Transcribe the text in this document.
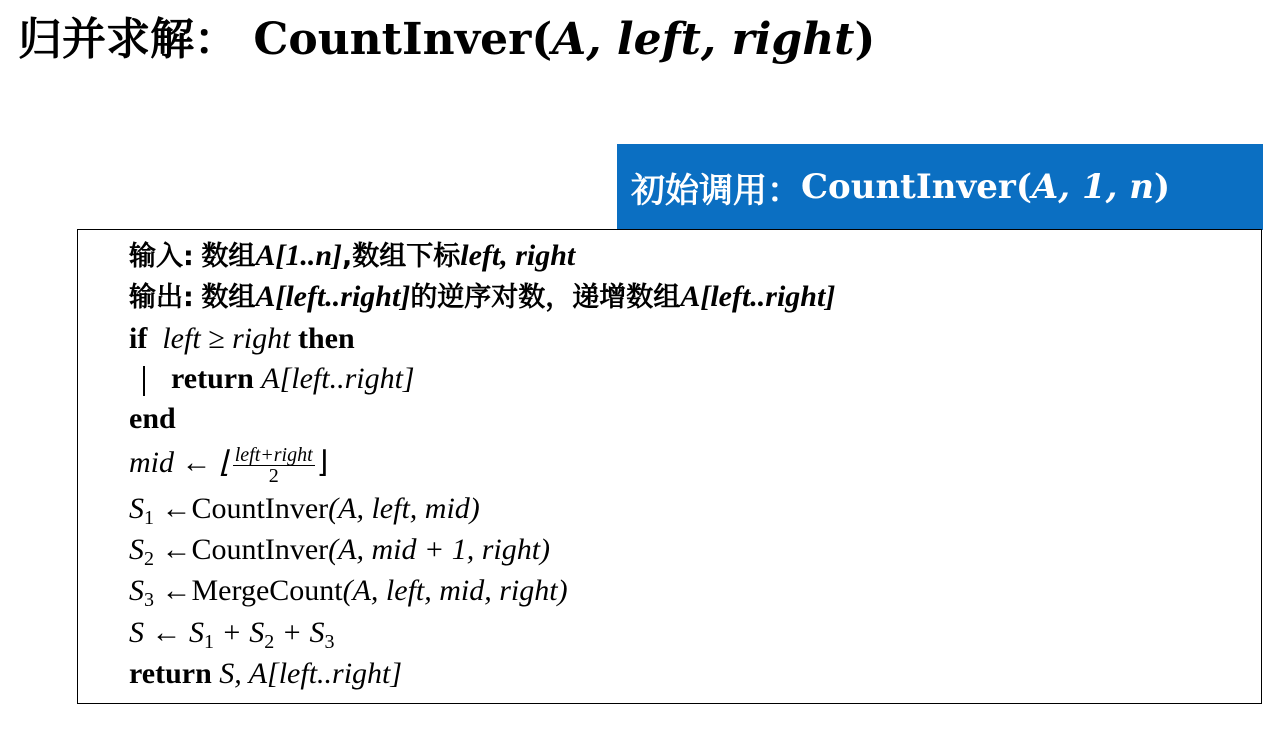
归并求解： CountInver(A, left, right)
初始调用： CountInver ( A, 1, n )
输入: 数组A[1..n],数组下标left, right
输出: 数组A[left..right]的逆序对数，递增数组A[left..right]
if left ≥ right then
return A[left..right]
end
mid ← ⌊ $\frac{\text{left+right}}{2}$ ⌋
$S_1$ ←CountInver(A, left, mid)
$S_2$ ←CountInver(A, mid + 1, right)
$S_3$ ←MergeCount(A, left, mid, right)
S ← $S_1 + S_2 + S_3$
return S, A[left..right]
